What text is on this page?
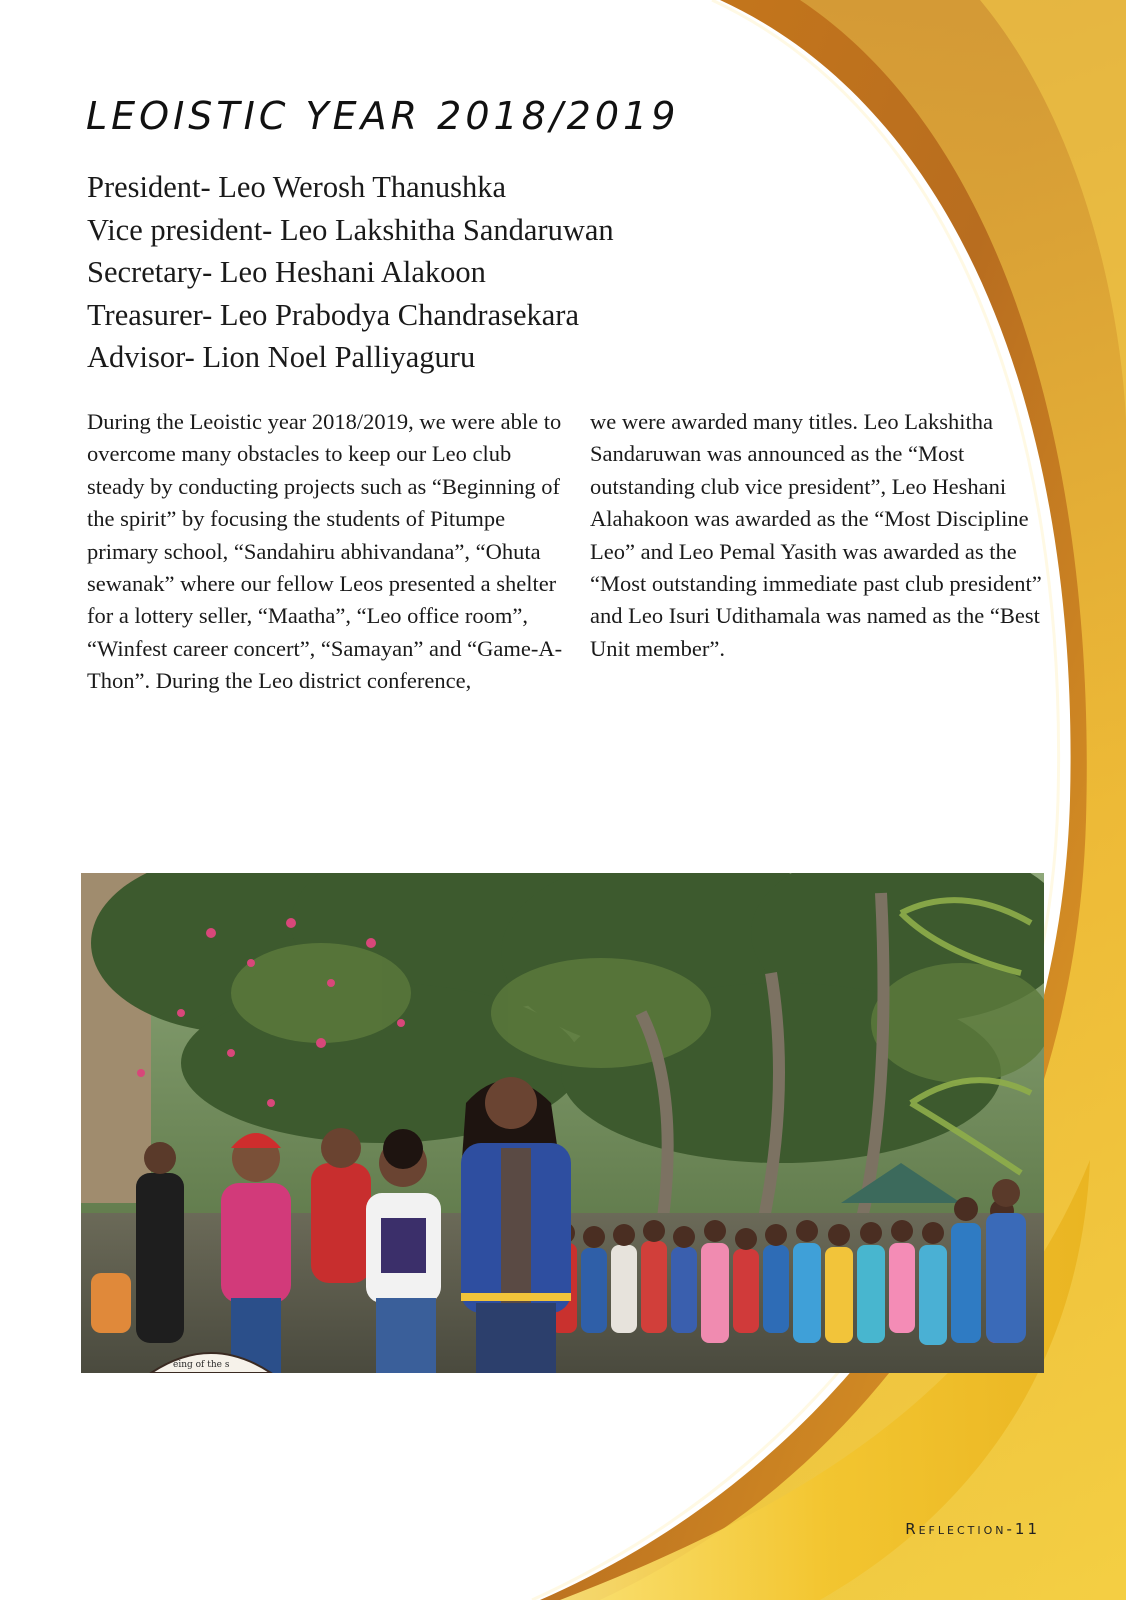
LEOISTIC YEAR 2018/2019
President- Leo Werosh Thanushka
Vice president- Leo Lakshitha Sandaruwan
Secretary- Leo Heshani Alakoon
Treasurer- Leo Prabodya Chandrasekara
Advisor- Lion Noel Palliyaguru

During the Leoistic year 2018/2019, we were able to overcome many obstacles to keep our Leo club steady by conducting projects such as “Beginning of the spirit” by focusing the students of Pitumpe primary school, “Sandahiru abhivandana”, “Ohuta sewanak” where our fellow Leos presented a shelter for a lottery seller, “Maatha”, “Leo office room”, “Winfest career concert”, “Samayan” and “Game-A-Thon”. During the Leo district conference,

we were awarded many titles. Leo Lakshitha Sandaruwan was announced as the “Most outstanding club vice president”, Leo Heshani Alahakoon was awarded as the “Most Discipline Leo” and Leo Pemal Yasith was awarded as the “Most outstanding immediate past club president” and Leo Isuri Udithamala was named as the “Best Unit member”.

eing of the s
Reflection-11
